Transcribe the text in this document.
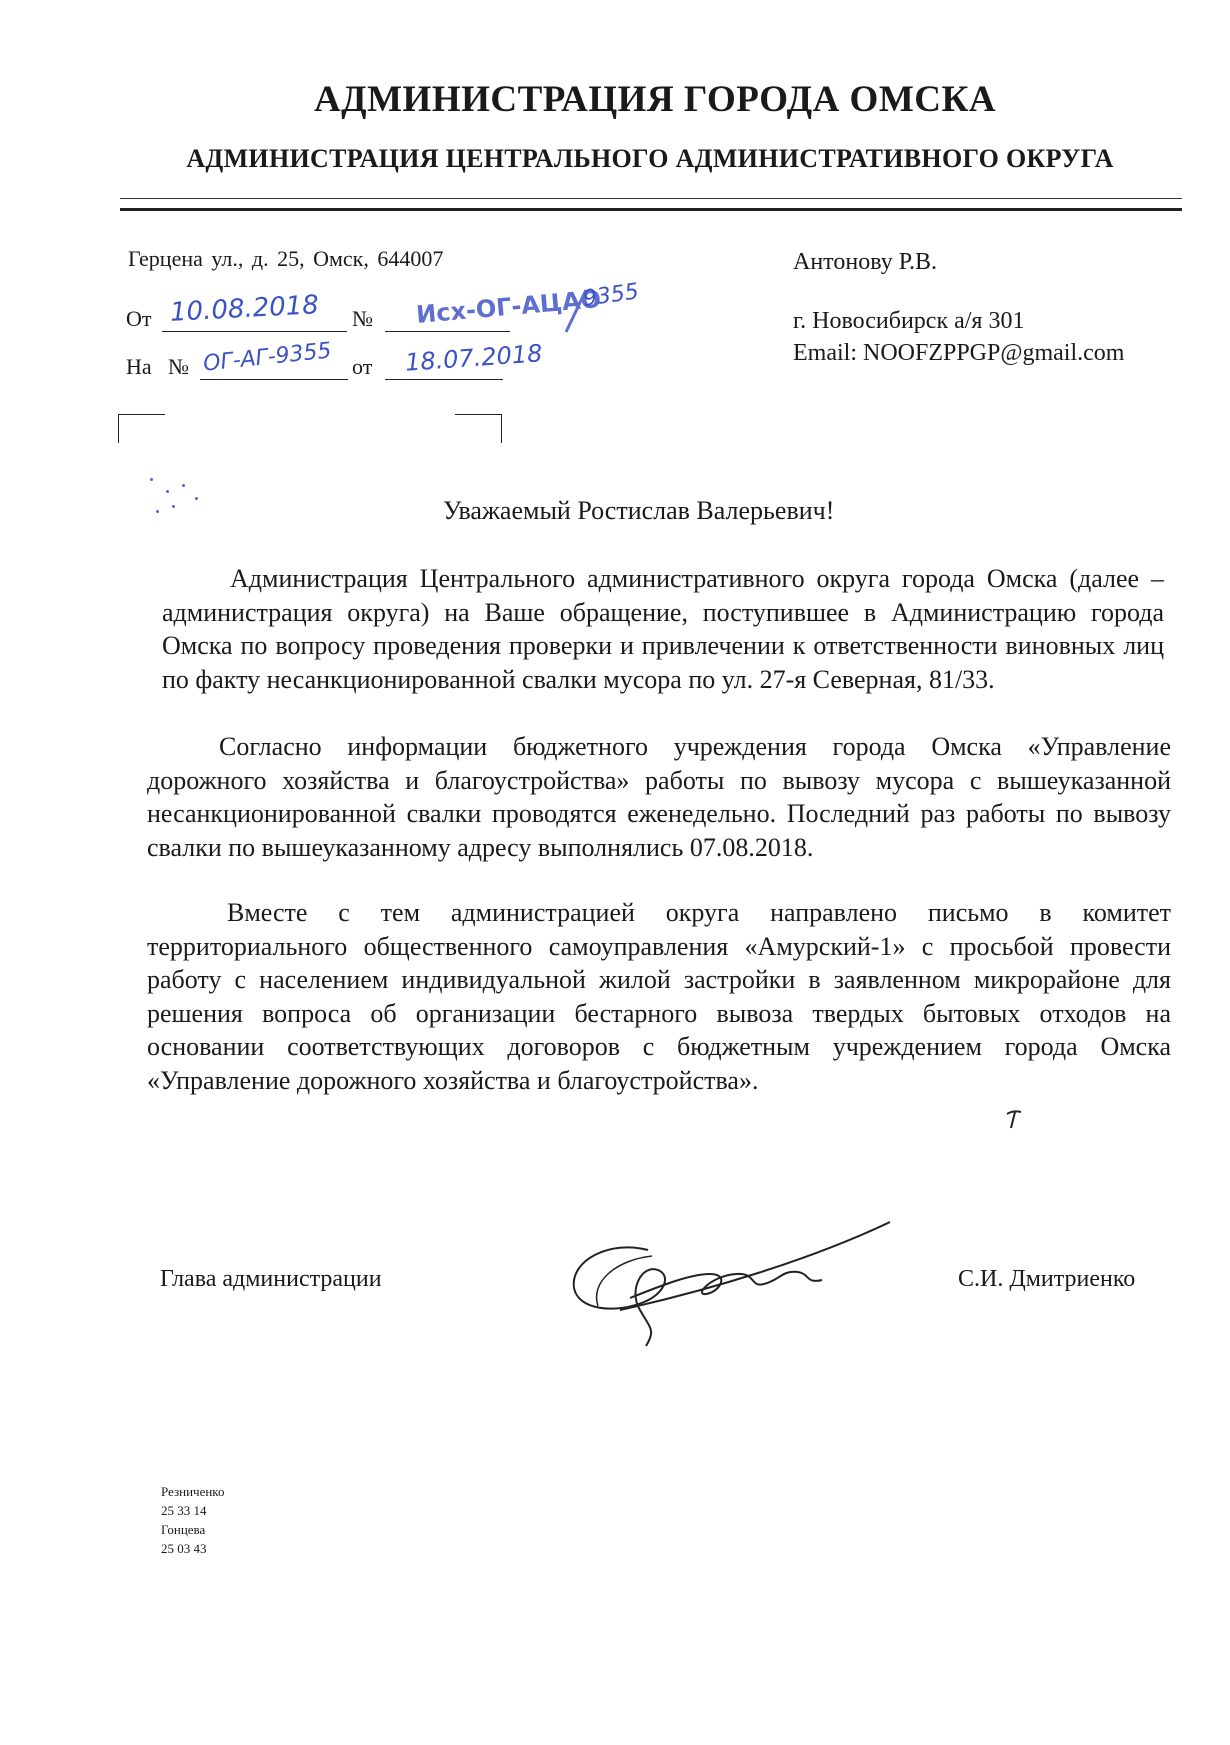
АДМИНИСТРАЦИЯ ГОРОДА ОМСКА
АДМИНИСТРАЦИЯ ЦЕНТРАЛЬНОГО АДМИНИСТРАТИВНОГО ОКРУГА
Герцена ул., д. 25, Омск, 644007
От 10.08.2018 № Исх-ОГ-АЦАО
9355
На № ОГ-АГ-9355 от 18.07.2018
Антонову Р.В.
г. Новосибирск а/я 301
Email: NOOFZPPGP@gmail.com
Уважаемый Ростислав Валерьевич!
Администрация Центрального административного округа города Омска (далее – администрация округа) на Ваше обращение, поступившее в Администрацию города Омска по вопросу проведения проверки и привлечении к ответственности виновных лиц по факту несанкционированной свалки мусора по ул. 27-я Северная, 81/33.
Согласно информации бюджетного учреждения города Омска «Управление дорожного хозяйства и благоустройства» работы по вывозу мусора с вышеуказанной несанкционированной свалки проводятся еженедельно. Последний раз работы по вывозу свалки по вышеуказанному адресу выполнялись 07.08.2018.
Вместе с тем администрацией округа направлено письмо в комитет территориального общественного самоуправления «Амурский-1» с просьбой провести работу с населением индивидуальной жилой застройки в заявленном микрорайоне для решения вопроса об организации бестарного вывоза твердых бытовых отходов на основании соответствующих договоров с бюджетным учреждением города Омска «Управление дорожного хозяйства и благоустройства».
Глава администрации	С.И. Дмитриенко
Резниченко
25 33 14
Гонцева
25 03 43
